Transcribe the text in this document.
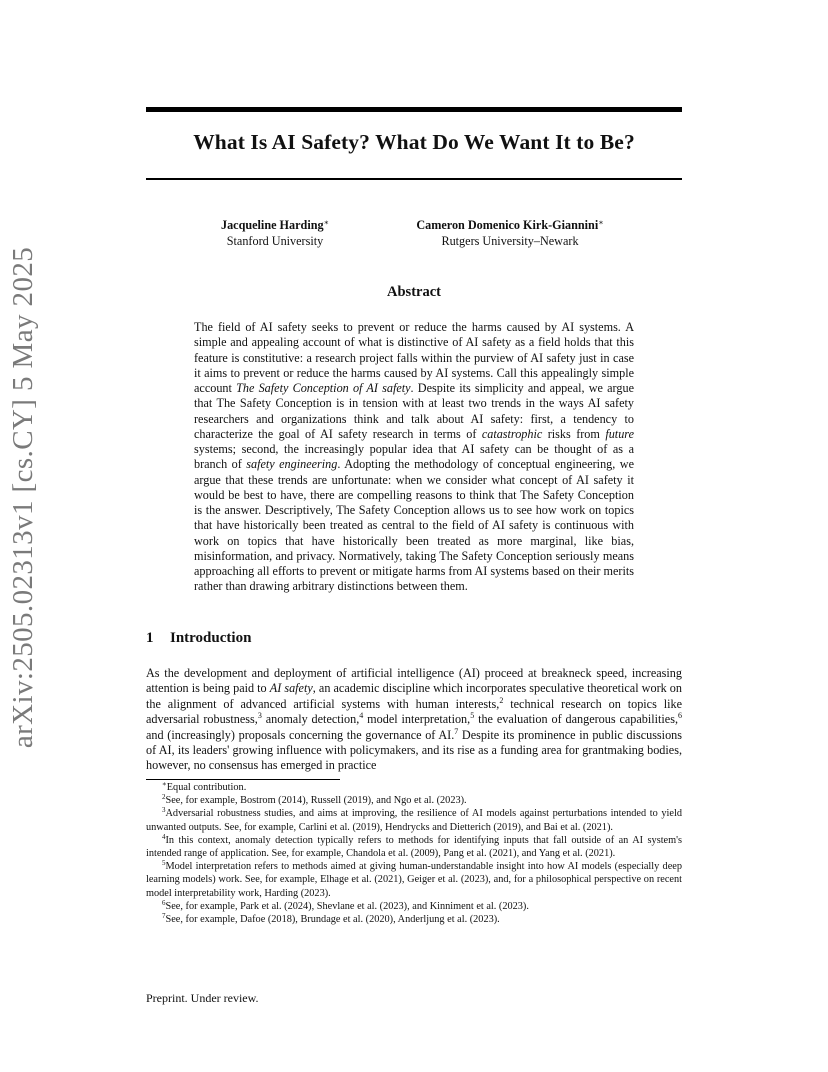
arXiv:2505.02313v1 [cs.CY] 5 May 2025
What Is AI Safety? What Do We Want It to Be?
Jacqueline Harding∗
Stanford University
Cameron Domenico Kirk-Giannini∗
Rutgers University–Newark
Abstract
The field of AI safety seeks to prevent or reduce the harms caused by AI systems. A simple and appealing account of what is distinctive of AI safety as a field holds that this feature is constitutive: a research project falls within the purview of AI safety just in case it aims to prevent or reduce the harms caused by AI systems. Call this appealingly simple account The Safety Conception of AI safety. Despite its simplicity and appeal, we argue that The Safety Conception is in tension with at least two trends in the ways AI safety researchers and organizations think and talk about AI safety: first, a tendency to characterize the goal of AI safety research in terms of catastrophic risks from future systems; second, the increasingly popular idea that AI safety can be thought of as a branch of safety engineering. Adopting the methodology of conceptual engineering, we argue that these trends are unfortunate: when we consider what concept of AI safety it would be best to have, there are compelling reasons to think that The Safety Conception is the answer. Descriptively, The Safety Conception allows us to see how work on topics that have historically been treated as central to the field of AI safety is continuous with work on topics that have historically been treated as more marginal, like bias, misinformation, and privacy. Normatively, taking The Safety Conception seriously means approaching all efforts to prevent or mitigate harms from AI systems based on their merits rather than drawing arbitrary distinctions between them.
1 Introduction
As the development and deployment of artificial intelligence (AI) proceed at breakneck speed, increasing attention is being paid to AI safety, an academic discipline which incorporates speculative theoretical work on the alignment of advanced artificial systems with human interests,$^2$ technical research on topics like adversarial robustness,$^3$ anomaly detection,$^4$ model interpretation,$^5$ the evaluation of dangerous capabilities,$^6$ and (increasingly) proposals concerning the governance of AI.$^7$ Despite its prominence in public discussions of AI, its leaders' growing influence with policymakers, and its rise as a funding area for grantmaking bodies, however, no consensus has emerged in practice
∗Equal contribution.
$^2$See, for example, Bostrom (2014), Russell (2019), and Ngo et al. (2023).
$^3$Adversarial robustness studies, and aims at improving, the resilience of AI models against perturbations intended to yield unwanted outputs. See, for example, Carlini et al. (2019), Hendrycks and Dietterich (2019), and Bai et al. (2021).
$^4$In this context, anomaly detection typically refers to methods for identifying inputs that fall outside of an AI system's intended range of application. See, for example, Chandola et al. (2009), Pang et al. (2021), and Yang et al. (2021).
$^5$Model interpretation refers to methods aimed at giving human-understandable insight into how AI models (especially deep learning models) work. See, for example, Elhage et al. (2021), Geiger et al. (2023), and, for a philosophical perspective on recent model interpretability work, Harding (2023).
$^6$See, for example, Park et al. (2024), Shevlane et al. (2023), and Kinniment et al. (2023).
$^7$See, for example, Dafoe (2018), Brundage et al. (2020), Anderljung et al. (2023).
Preprint. Under review.
